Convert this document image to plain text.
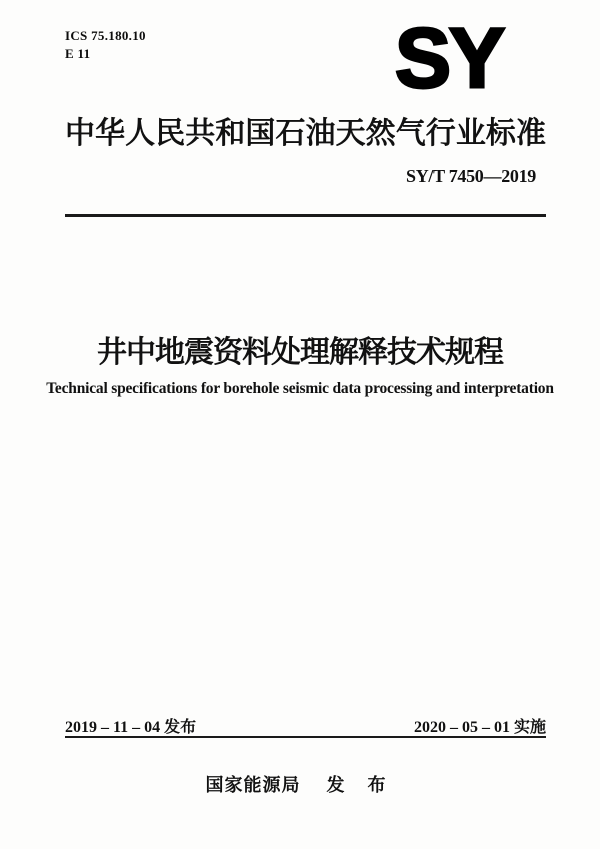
ICS 75.180.10
E 11	SY
中华人民共和国石油天然气行业标准
SY/T 7450—2019
井中地震资料处理解释技术规程
Technical specifications for borehole seismic data processing and interpretation
2019 – 11 – 04 发布	2020 – 05 – 01 实施
国家能源局 发 布
